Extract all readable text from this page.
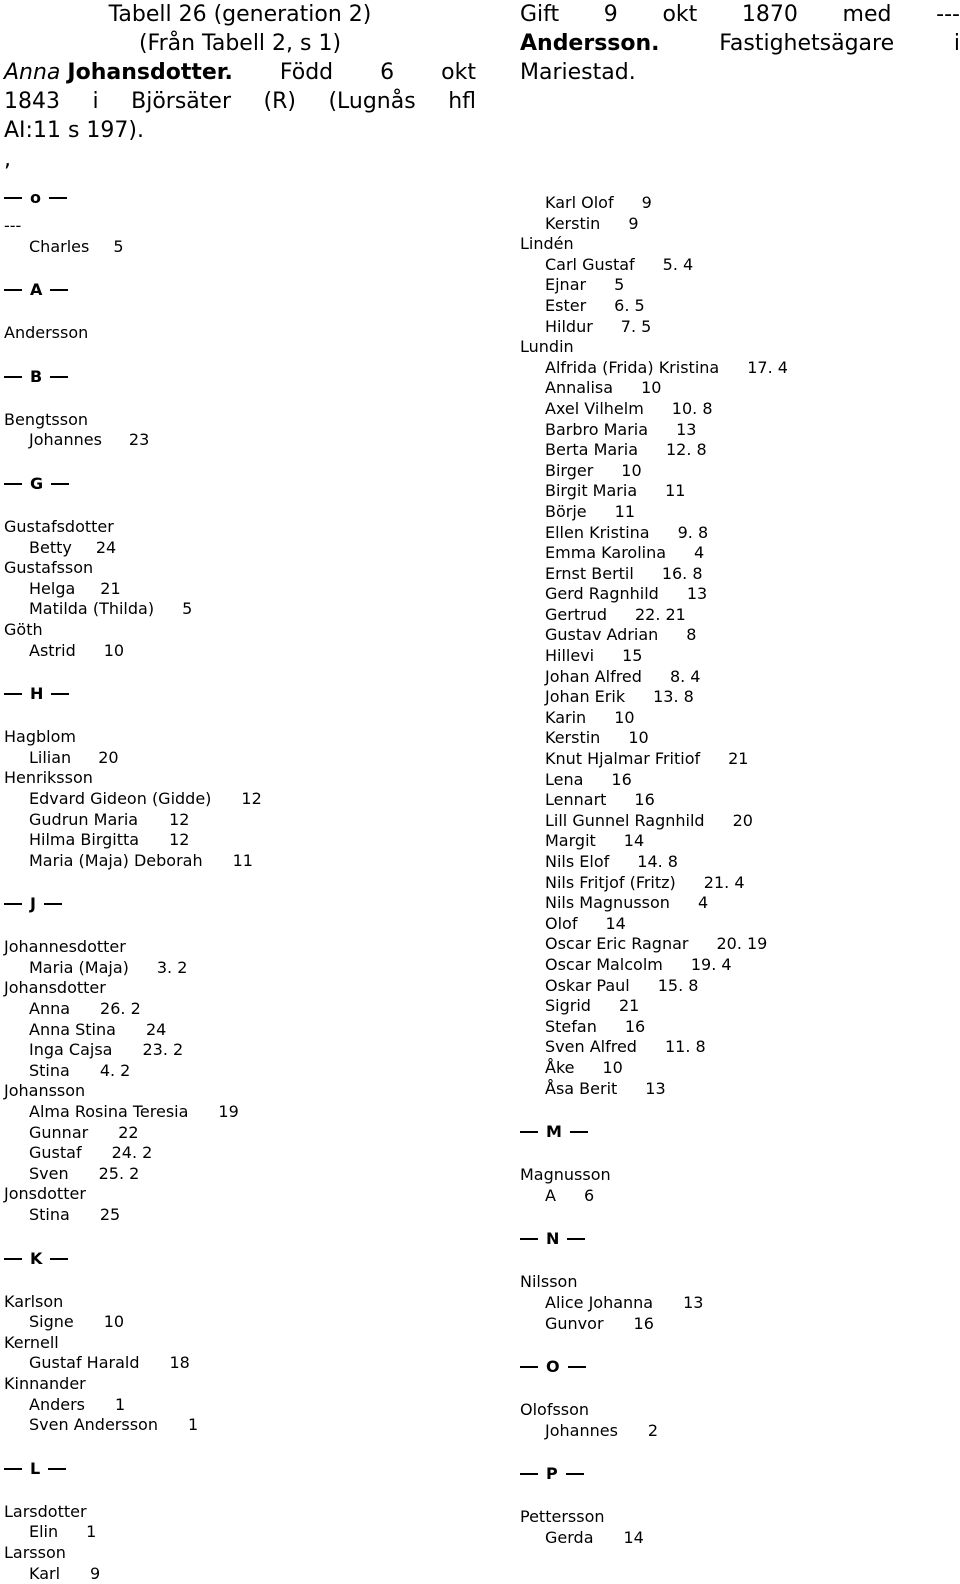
Tabell 26 (generation 2)

(Från Tabell 2, s 1)

Anna Johansdotter. Född 6 okt

1843 i Björsäter (R) (Lugnås hfl

AI:11 s 197).

,

o
---
Charles 5
A
Andersson
B
Bengtsson
Johannes 23
G
Gustafsdotter
Betty 24
Gustafsson
Helga 21
Matilda (Thilda) 5
Göth
Astrid 10
H
Hagblom
Lilian 20
Henriksson
Edvard Gideon (Gidde) 12
Gudrun Maria 12
Hilma Birgitta 12
Maria (Maja) Deborah 11
J
Johannesdotter
Maria (Maja) 3. 2
Johansdotter
Anna 26. 2
Anna Stina 24
Inga Cajsa 23. 2
Stina 4. 2
Johansson
Alma Rosina Teresia 19
Gunnar 22
Gustaf 24. 2
Sven 25. 2
Jonsdotter
Stina 25
K
Karlson
Signe 10
Kernell
Gustaf Harald 18
Kinnander
Anders 1
Sven Andersson 1
L
Larsdotter
Elin 1
Larsson
Karl 9

Gift 9 okt 1870 med ---

Andersson.	Fastighetsägare	i

Mariestad.

Karl Olof 9
Kerstin 9
Lindén
Carl Gustaf 5. 4
Ejnar 5
Ester 6. 5
Hildur 7. 5
Lundin
Alfrida (Frida) Kristina 17. 4
Annalisa 10
Axel Vilhelm 10. 8
Barbro Maria 13
Berta Maria 12. 8
Birger 10
Birgit Maria 11
Börje 11
Ellen Kristina 9. 8
Emma Karolina 4
Ernst Bertil 16. 8
Gerd Ragnhild 13
Gertrud 22. 21
Gustav Adrian 8
Hillevi 15
Johan Alfred 8. 4
Johan Erik 13. 8
Karin 10
Kerstin 10
Knut Hjalmar Fritiof 21
Lena 16
Lennart 16
Lill Gunnel Ragnhild 20
Margit 14
Nils Elof 14. 8
Nils Fritjof (Fritz) 21. 4
Nils Magnusson 4
Olof 14
Oscar Eric Ragnar 20. 19
Oscar Malcolm 19. 4
Oskar Paul 15. 8
Sigrid 21
Stefan 16
Sven Alfred 11. 8
Åke 10
Åsa Berit 13
M
Magnusson
A 6
N
Nilsson
Alice Johanna 13
Gunvor 16
O
Olofsson
Johannes 2
P
Pettersson
Gerda 14
